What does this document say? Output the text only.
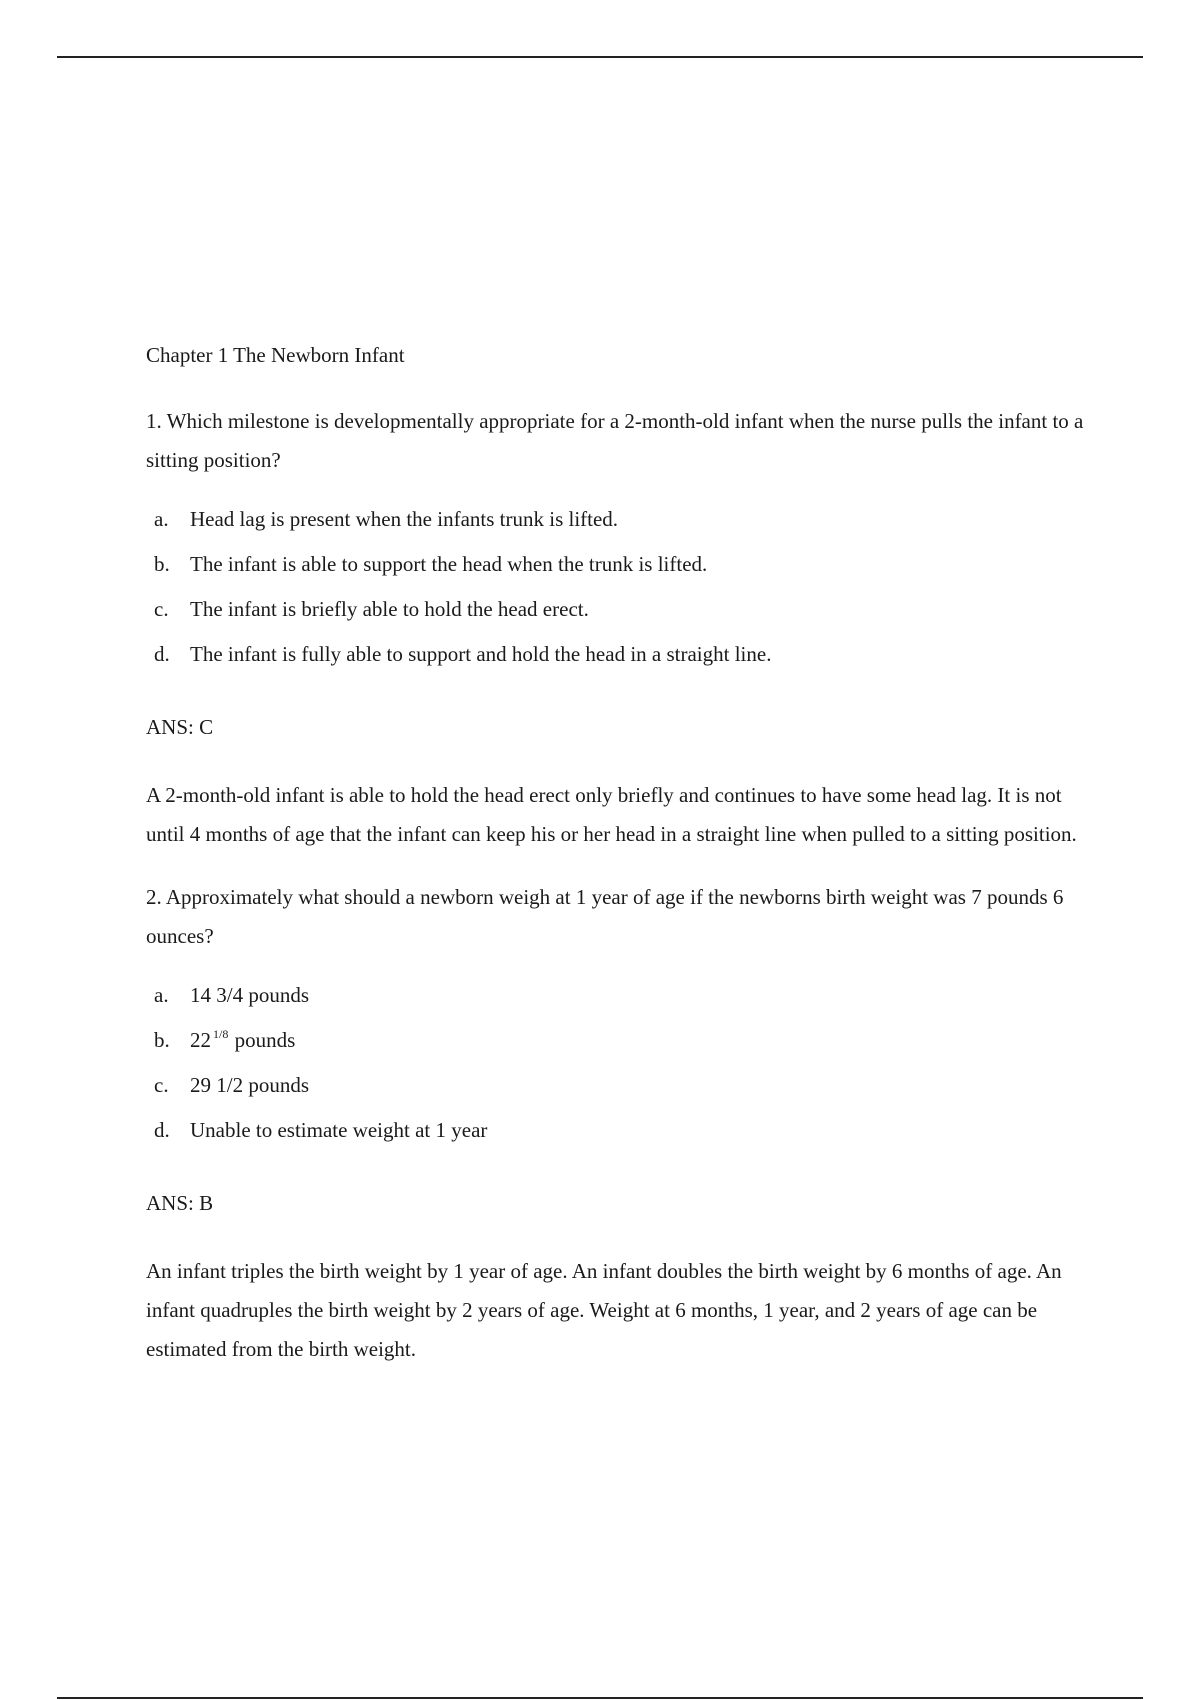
Chapter 1 The Newborn Infant
1. Which milestone is developmentally appropriate for a 2-month-old infant when the nurse pulls the infant to a sitting position?
a. Head lag is present when the infants trunk is lifted.
b. The infant is able to support the head when the trunk is lifted.
c. The infant is briefly able to hold the head erect.
d. The infant is fully able to support and hold the head in a straight line.
ANS: C
A 2-month-old infant is able to hold the head erect only briefly and continues to have some head lag. It is not until 4 months of age that the infant can keep his or her head in a straight line when pulled to a sitting position.
2. Approximately what should a newborn weigh at 1 year of age if the newborns birth weight was 7 pounds 6 ounces?
a. 14 3/4 pounds
b. 22 $^{1/8}$ pounds
c. 29 1/2 pounds
d. Unable to estimate weight at 1 year
ANS: B
An infant triples the birth weight by 1 year of age. An infant doubles the birth weight by 6 months of age. An infant quadruples the birth weight by 2 years of age. Weight at 6 months, 1 year, and 2 years of age can be estimated from the birth weight.
